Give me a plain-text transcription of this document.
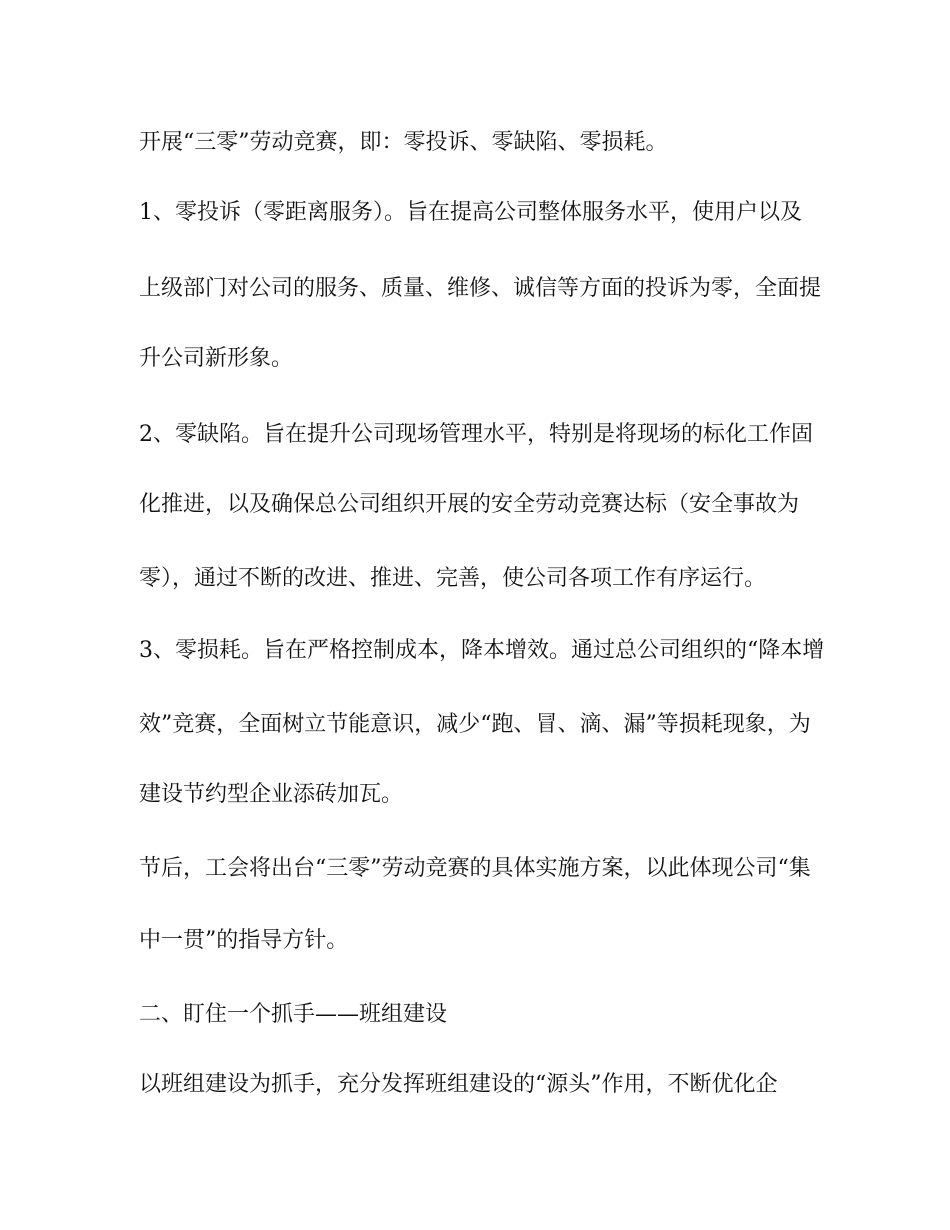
开展“三零”劳动竞赛，即：零投诉、零缺陷、零损耗。
1、零投诉（零距离服务）。旨在提高公司整体服务水平，使用户以及
上级部门对公司的服务、质量、维修、诚信等方面的投诉为零，全面提
升公司新形象。
2、零缺陷。旨在提升公司现场管理水平，特别是将现场的标化工作固
化推进，以及确保总公司组织开展的安全劳动竞赛达标（安全事故为
零），通过不断的改进、推进、完善，使公司各项工作有序运行。
3、零损耗。旨在严格控制成本，降本增效。通过总公司组织的“降本增
效”竞赛，全面树立节能意识，减少“跑、冒、滴、漏”等损耗现象，为
建设节约型企业添砖加瓦。
节后，工会将出台“三零”劳动竞赛的具体实施方案，以此体现公司“集
中一贯”的指导方针。
二、盯住一个抓手——班组建设
以班组建设为抓手，充分发挥班组建设的“源头”作用，不断优化企
